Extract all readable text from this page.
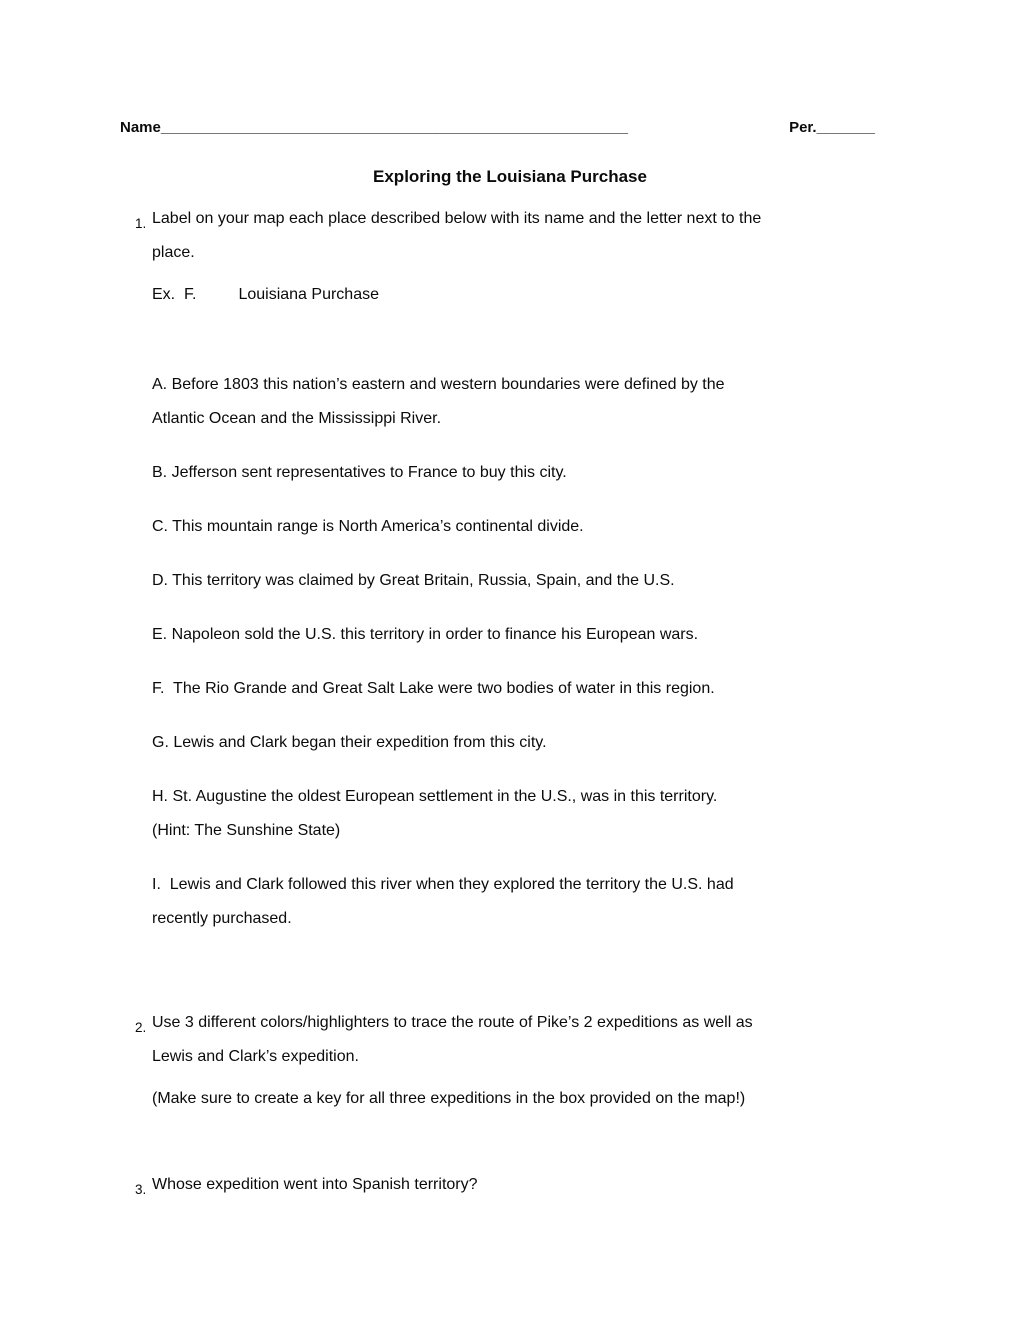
Name ________________________________________________________	Per. _______
Exploring the Louisiana Purchase
1. Label on your map each place described below with its name and the letter next to the
place.
Ex.  F.	Louisiana Purchase
A. Before 1803 this nation’s eastern and western boundaries were defined by the
Atlantic Ocean and the Mississippi River.
B. Jefferson sent representatives to France to buy this city.
C. This mountain range is North America’s continental divide.
D. This territory was claimed by Great Britain, Russia, Spain, and the U.S.
E. Napoleon sold the U.S. this territory in order to finance his European wars.
F.  The Rio Grande and Great Salt Lake were two bodies of water in this region.
G. Lewis and Clark began their expedition from this city.
H. St. Augustine the oldest European settlement in the U.S., was in this territory.
(Hint: The Sunshine State)
I.  Lewis and Clark followed this river when they explored the territory the U.S. had
recently purchased.
2. Use 3 different colors/highlighters to trace the route of Pike’s 2 expeditions as well as
Lewis and Clark’s expedition.
(Make sure to create a key for all three expeditions in the box provided on the map!)
3. Whose expedition went into Spanish territory?
